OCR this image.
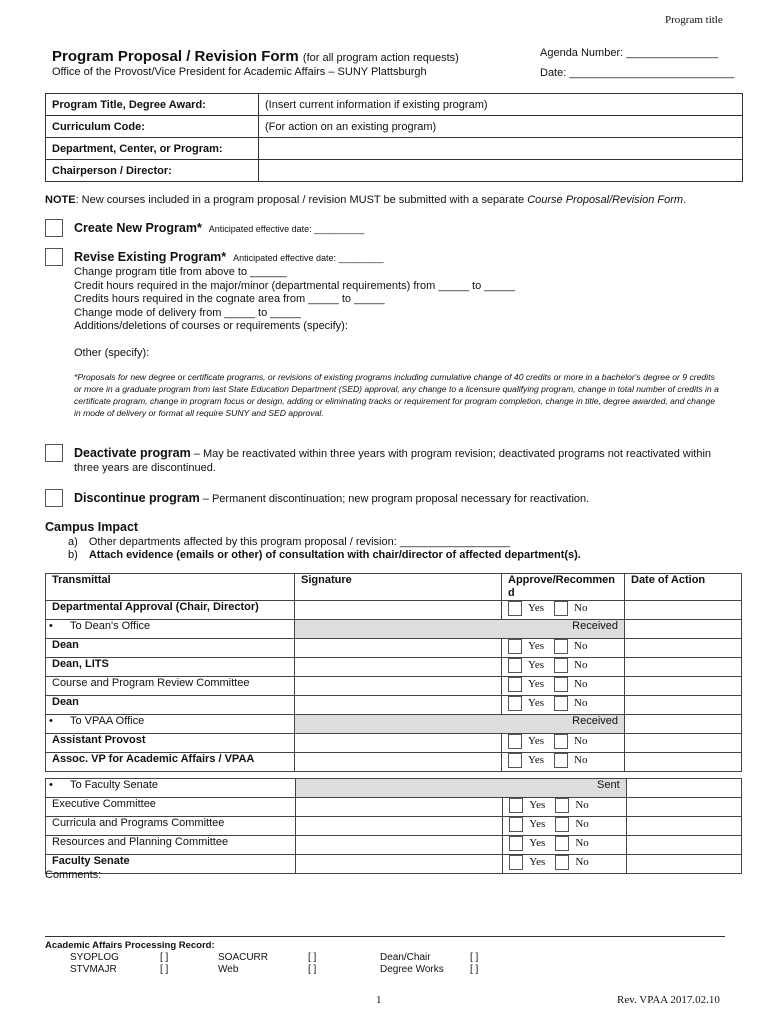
Program title
Program Proposal / Revision Form (for all program action requests)
Office of the Provost/Vice President for Academic Affairs – SUNY Plattsburgh
Agenda Number: _______________
Date: ___________________________
Program Title, Degree Award:	(Insert current information if existing program)
Curriculum Code:	(For action on an existing program)
Department, Center, or Program:	
Chairperson / Director:	
NOTE: New courses included in a program proposal / revision MUST be submitted with a separate Course Proposal/Revision Form.
Create New Program* Anticipated effective date: __________
Revise Existing Program* Anticipated effective date: _________
Change program title from above to ______
Credit hours required in the major/minor (departmental requirements) from _____ to _____
Credits hours required in the cognate area from _____ to _____
Change mode of delivery from _____ to _____
Additions/deletions of courses or requirements (specify):
Other (specify):
*Proposals for new degree or certificate programs, or revisions of existing programs including cumulative change of 40 credits or more in a bachelor's degree or 9 credits or more in a graduate program from last State Education Department (SED) approval, any change to a licensure qualifying program, change in total number of credits in a certificate program, change in program focus or design, adding or eliminating tracks or requirement for program completion, change in title, degree awarded, and change in mode of delivery or format all require SUNY and SED approval.
Deactivate program – May be reactivated within three years with program revision; deactivated programs not reactivated within three years are discontinued.
Discontinue program – Permanent discontinuation; new program proposal necessary for reactivation.
Campus Impact
a) Other departments affected by this program proposal / revision: __________________
b) Attach evidence (emails or other) of consultation with chair/director of affected department(s).
Transmittal	Signature	Approve/Recommen d	Date of Action
Departmental Approval (Chair, Director)		Yes No	
• To Dean's Office	Received		
Dean		Yes No	
Dean, LITS		Yes No	
Course and Program Review Committee		Yes No	
Dean		Yes No	
• To VPAA Office	Received		
Assistant Provost		Yes No	
Assoc. VP for Academic Affairs / VPAA		Yes No	
• To Faculty Senate	Sent		
Executive Committee		Yes No	
Curricula and Programs Committee		Yes No	
Resources and Planning Committee		Yes No	
Faculty Senate		Yes No	
Comments:
Academic Affairs Processing Record:
SYOPLOG	[ ]	SOACURR	[ ]	Dean/Chair	[ ]
STVMAJR	[ ]	Web	[ ]	Degree Works	[ ]
1	Rev. VPAA 2017.02.10
